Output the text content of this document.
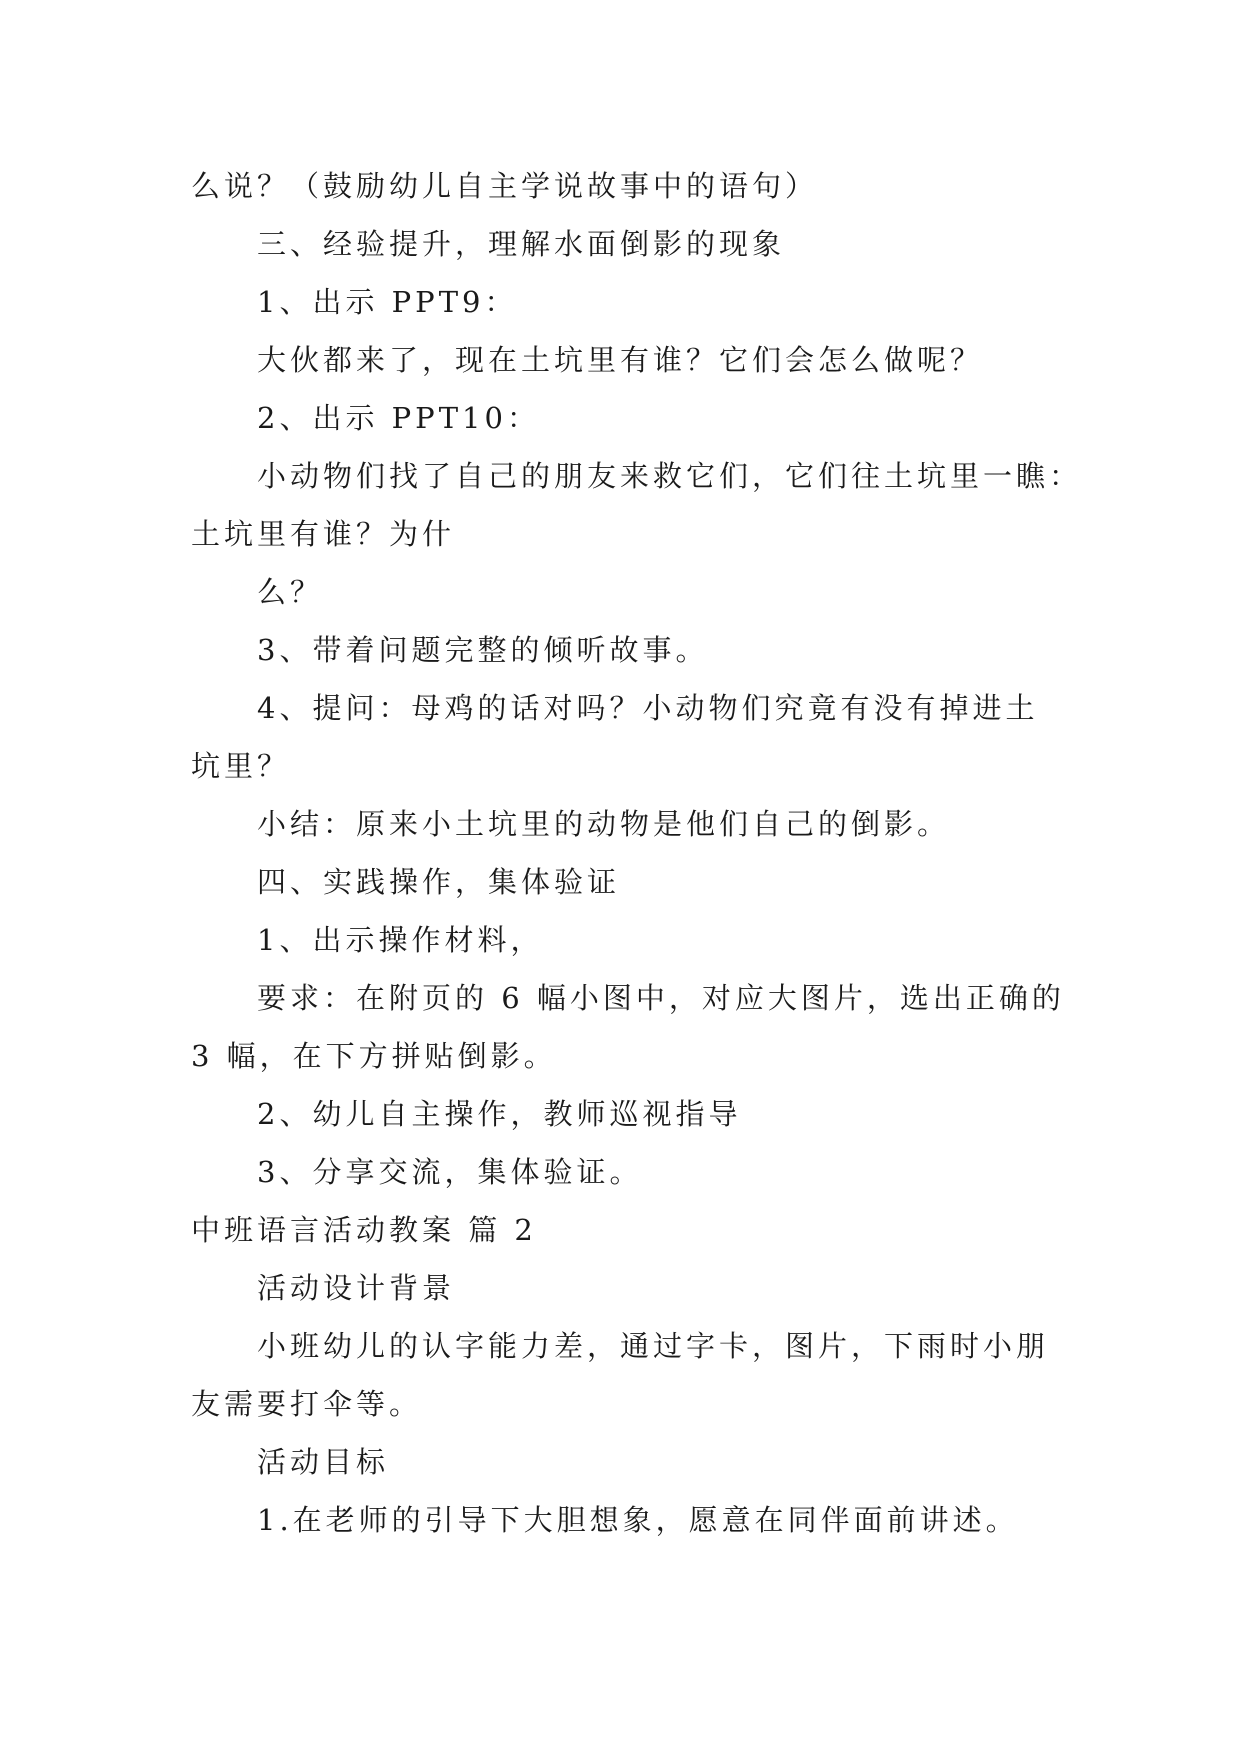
么说？（鼓励幼儿自主学说故事中的语句）
三、经验提升，理解水面倒影的现象
1、出示 PPT9：
大伙都来了，现在土坑里有谁？它们会怎么做呢？
2、出示 PPT10：
小动物们找了自己的朋友来救它们，它们往土坑里一瞧：
土坑里有谁？为什
么？
3、带着问题完整的倾听故事。
4、提问：母鸡的话对吗？小动物们究竟有没有掉进土
坑里？
小结：原来小土坑里的动物是他们自己的倒影。
四、实践操作，集体验证
1、出示操作材料，
要求：在附页的 6 幅小图中，对应大图片，选出正确的
3 幅，在下方拼贴倒影。
2、幼儿自主操作，教师巡视指导
3、分享交流，集体验证。
中班语言活动教案 篇 2
活动设计背景
小班幼儿的认字能力差，通过字卡，图片，下雨时小朋
友需要打伞等。
活动目标
1.在老师的引导下大胆想象，愿意在同伴面前讲述。
